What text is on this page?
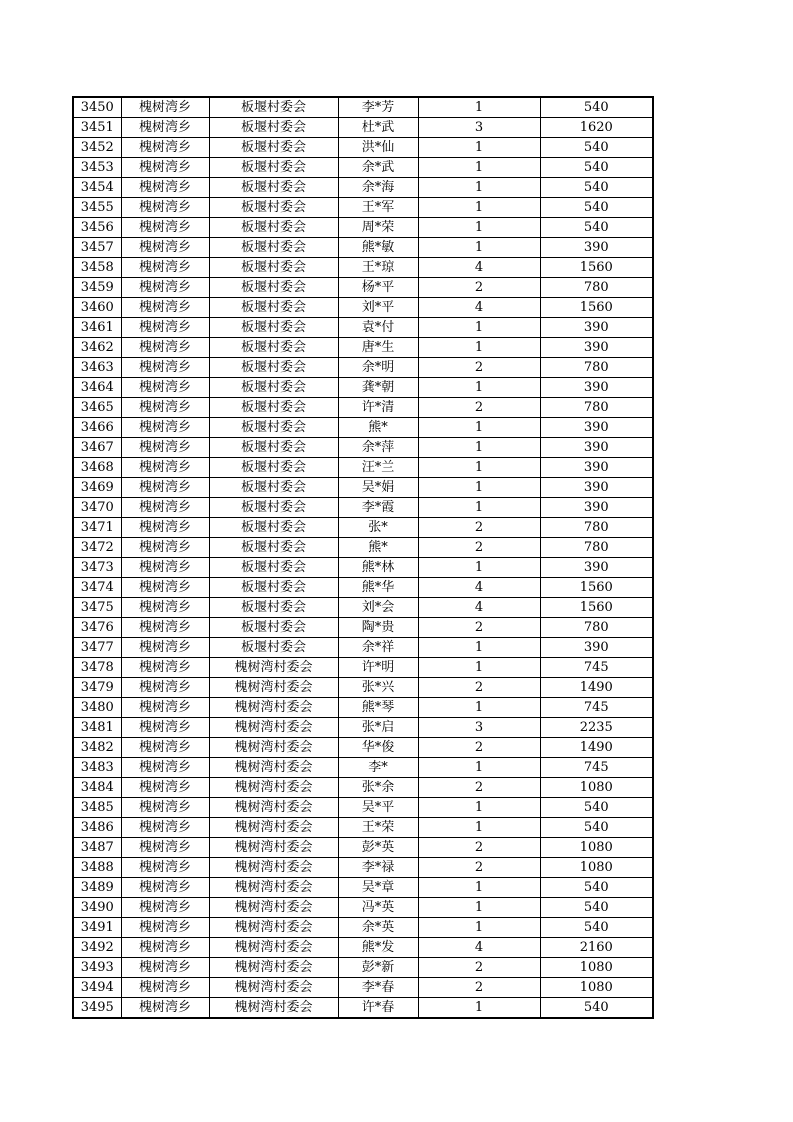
3450	槐树湾乡	板堰村委会	李*芳	1	540
3451	槐树湾乡	板堰村委会	杜*武	3	1620
3452	槐树湾乡	板堰村委会	洪*仙	1	540
3453	槐树湾乡	板堰村委会	余*武	1	540
3454	槐树湾乡	板堰村委会	余*海	1	540
3455	槐树湾乡	板堰村委会	王*军	1	540
3456	槐树湾乡	板堰村委会	周*荣	1	540
3457	槐树湾乡	板堰村委会	熊*敏	1	390
3458	槐树湾乡	板堰村委会	王*琼	4	1560
3459	槐树湾乡	板堰村委会	杨*平	2	780
3460	槐树湾乡	板堰村委会	刘*平	4	1560
3461	槐树湾乡	板堰村委会	袁*付	1	390
3462	槐树湾乡	板堰村委会	唐*生	1	390
3463	槐树湾乡	板堰村委会	余*明	2	780
3464	槐树湾乡	板堰村委会	龚*朝	1	390
3465	槐树湾乡	板堰村委会	许*清	2	780
3466	槐树湾乡	板堰村委会	熊*	1	390
3467	槐树湾乡	板堰村委会	余*萍	1	390
3468	槐树湾乡	板堰村委会	汪*兰	1	390
3469	槐树湾乡	板堰村委会	吴*娟	1	390
3470	槐树湾乡	板堰村委会	李*霞	1	390
3471	槐树湾乡	板堰村委会	张*	2	780
3472	槐树湾乡	板堰村委会	熊*	2	780
3473	槐树湾乡	板堰村委会	熊*林	1	390
3474	槐树湾乡	板堰村委会	熊*华	4	1560
3475	槐树湾乡	板堰村委会	刘*会	4	1560
3476	槐树湾乡	板堰村委会	陶*贵	2	780
3477	槐树湾乡	板堰村委会	余*祥	1	390
3478	槐树湾乡	槐树湾村委会	许*明	1	745
3479	槐树湾乡	槐树湾村委会	张*兴	2	1490
3480	槐树湾乡	槐树湾村委会	熊*琴	1	745
3481	槐树湾乡	槐树湾村委会	张*启	3	2235
3482	槐树湾乡	槐树湾村委会	华*俊	2	1490
3483	槐树湾乡	槐树湾村委会	李*	1	745
3484	槐树湾乡	槐树湾村委会	张*余	2	1080
3485	槐树湾乡	槐树湾村委会	吴*平	1	540
3486	槐树湾乡	槐树湾村委会	王*荣	1	540
3487	槐树湾乡	槐树湾村委会	彭*英	2	1080
3488	槐树湾乡	槐树湾村委会	李*禄	2	1080
3489	槐树湾乡	槐树湾村委会	吴*章	1	540
3490	槐树湾乡	槐树湾村委会	冯*英	1	540
3491	槐树湾乡	槐树湾村委会	余*英	1	540
3492	槐树湾乡	槐树湾村委会	熊*发	4	2160
3493	槐树湾乡	槐树湾村委会	彭*新	2	1080
3494	槐树湾乡	槐树湾村委会	李*春	2	1080
3495	槐树湾乡	槐树湾村委会	许*春	1	540
